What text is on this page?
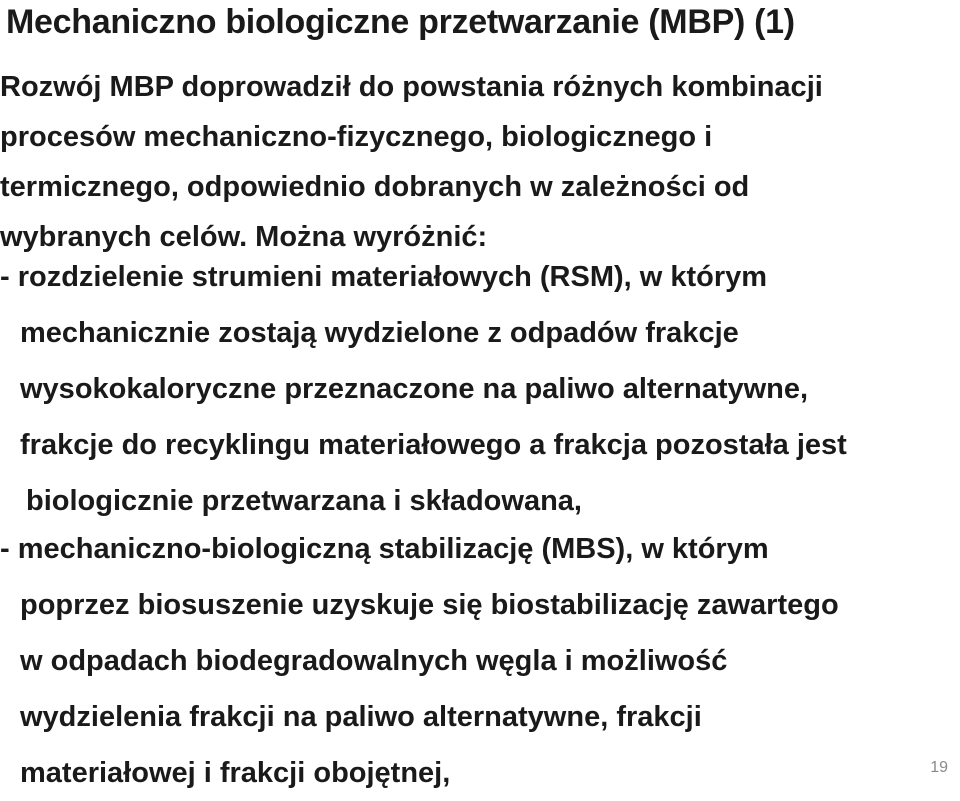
Mechaniczno biologiczne przetwarzanie (MBP) (1)

Rozwój MBP doprowadził do powstania różnych kombinacji
procesów mechaniczno-fizycznego, biologicznego i
termicznego, odpowiednio dobranych w zależności od
wybranych celów. Można wyróżnić:

- rozdzielenie strumieni materiałowych (RSM), w którym
mechanicznie zostają wydzielone z odpadów frakcje
wysokokaloryczne przeznaczone na paliwo alternatywne,
frakcje do recyklingu materiałowego a frakcja pozostała jest
biologicznie przetwarzana i składowana,

- mechaniczno-biologiczną stabilizację (MBS), w którym
poprzez biosuszenie uzyskuje się biostabilizację zawartego
w odpadach biodegradowalnych węgla i możliwość
wydzielenia frakcji na paliwo alternatywne, frakcji
materiałowej i frakcji obojętnej,	19
